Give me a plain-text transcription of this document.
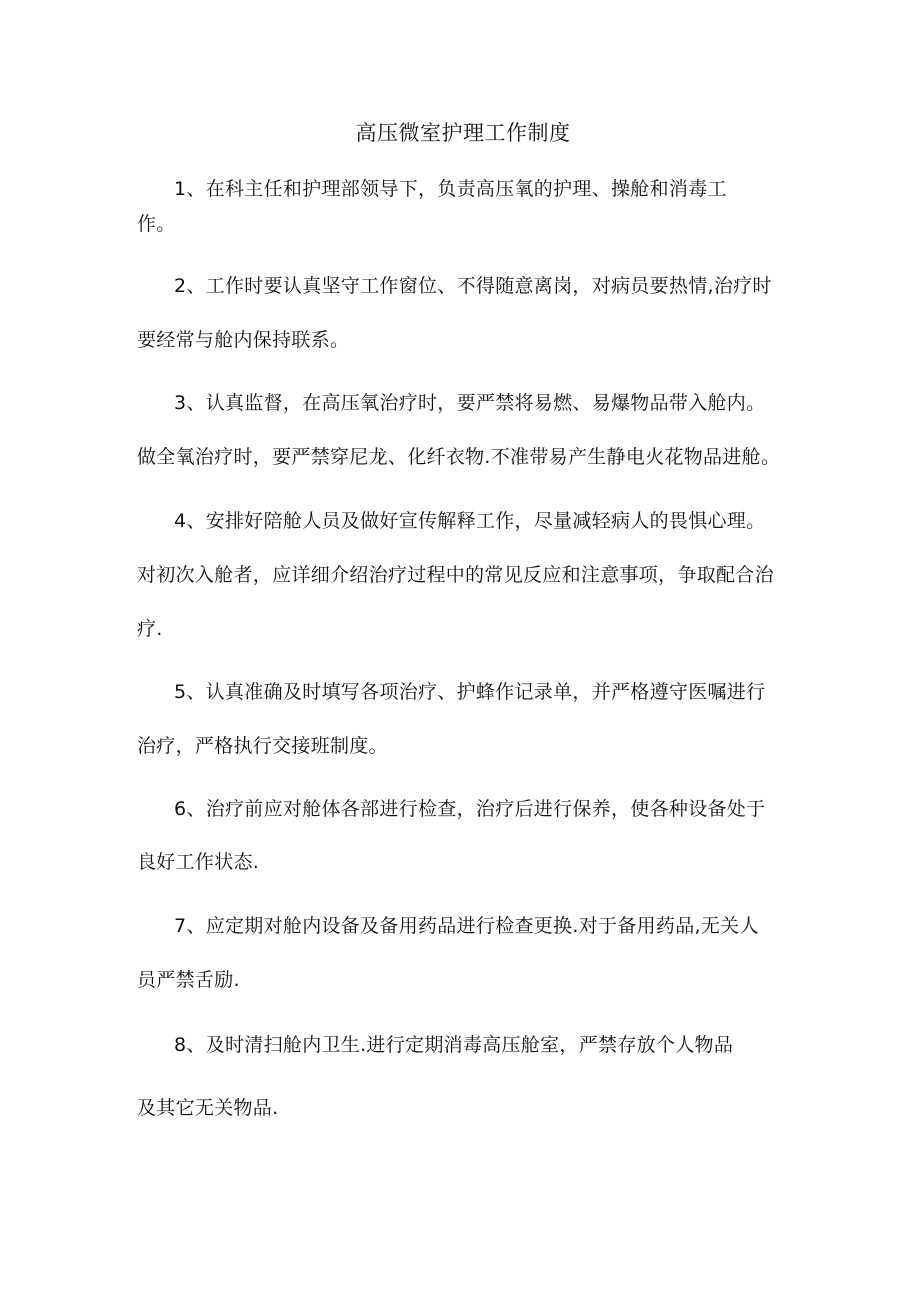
高压微室护理工作制度
1、在科主任和护理部领导下，负责高压氧的护理、操舱和消毒工
作。
2、工作时要认真坚守工作窗位、不得随意离岗，对病员要热情,治疗时
要经常与舱内保持联系。
3、认真监督，在高压氧治疗时，要严禁将易燃、易爆物品带入舱内。
做全氧治疗时，要严禁穿尼龙、化纤衣物.不准带易产生静电火花物品进舱。
4、安排好陪舱人员及做好宣传解释工作，尽量减轻病人的畏惧心理。
对初次入舱者，应详细介绍治疗过程中的常见反应和注意事项，争取配合治
疗.
5、认真准确及时填写各项治疗、护蜂作记录单，并严格遵守医嘱进行
治疗，严格执行交接班制度。
6、治疗前应对舱体各部进行检查，治疗后进行保养，使各种设备处于
良好工作状态.
7、应定期对舱内设备及备用药品进行检查更换.对于备用药品,无关人
员严禁舌励.
8、及时清扫舱内卫生.进行定期消毒高压舱室，严禁存放个人物品
及其它无关物品.
